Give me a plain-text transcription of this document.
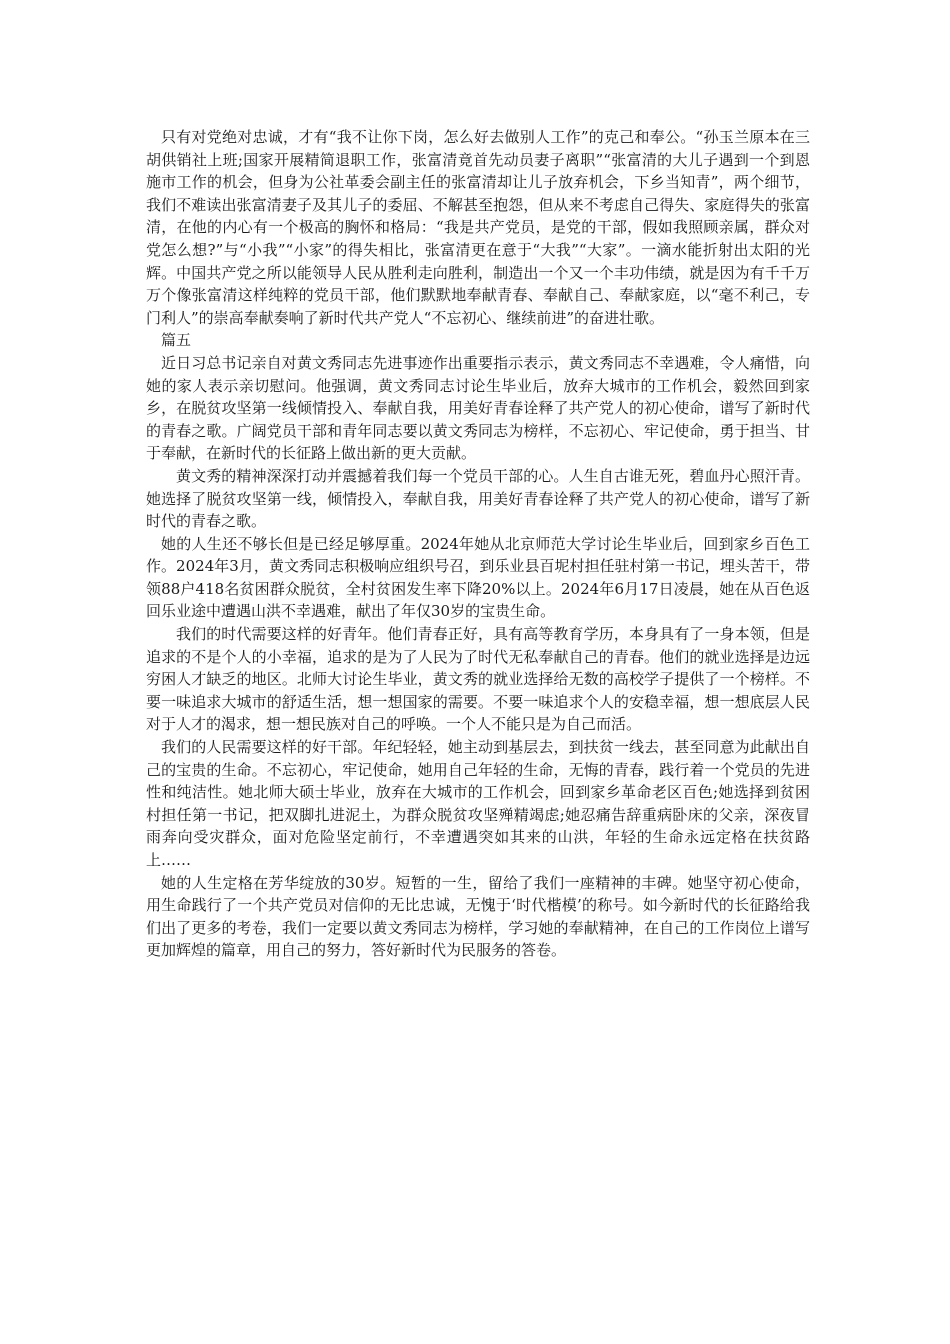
只有对党绝对忠诚，才有“我不让你下岗，怎么好去做别人工作”的克己和奉公。“孙玉兰原本在三胡供销社上班;国家开展精简退职工作，张富清竟首先动员妻子离职”“张富清的大儿子遇到一个到恩施市工作的机会，但身为公社革委会副主任的张富清却让儿子放弃机会，下乡当知青”，两个细节，我们不难读出张富清妻子及其儿子的委屈、不解甚至抱怨，但从来不考虑自己得失、家庭得失的张富清，在他的内心有一个极高的胸怀和格局：“我是共产党员，是党的干部，假如我照顾亲属，群众对党怎么想?”与“小我”“小家”的得失相比，张富清更在意于“大我”“大家”。一滴水能折射出太阳的光辉。中国共产党之所以能领导人民从胜利走向胜利，制造出一个又一个丰功伟绩，就是因为有千千万万个像张富清这样纯粹的党员干部，他们默默地奉献青春、奉献自己、奉献家庭，以“毫不利己，专门利人”的崇高奉献奏响了新时代共产党人“不忘初心、继续前进”的奋进壮歌。

篇五

近日习总书记亲自对黄文秀同志先进事迹作出重要指示表示，黄文秀同志不幸遇难，令人痛惜，向她的家人表示亲切慰问。他强调，黄文秀同志讨论生毕业后，放弃大城市的工作机会，毅然回到家乡，在脱贫攻坚第一线倾情投入、奉献自我，用美好青春诠释了共产党人的初心使命，谱写了新时代的青春之歌。广阔党员干部和青年同志要以黄文秀同志为榜样，不忘初心、牢记使命，勇于担当、甘于奉献，在新时代的长征路上做出新的更大贡献。

黄文秀的精神深深打动并震撼着我们每一个党员干部的心。人生自古谁无死，碧血丹心照汗青。她选择了脱贫攻坚第一线，倾情投入，奉献自我，用美好青春诠释了共产党人的初心使命，谱写了新时代的青春之歌。

她的人生还不够长但是已经足够厚重。2024年她从北京师范大学讨论生毕业后，回到家乡百色工作。2024年3月，黄文秀同志积极响应组织号召，到乐业县百坭村担任驻村第一书记，埋头苦干，带领88户418名贫困群众脱贫，全村贫困发生率下降20%以上。2024年6月17日凌晨，她在从百色返回乐业途中遭遇山洪不幸遇难，献出了年仅30岁的宝贵生命。

我们的时代需要这样的好青年。他们青春正好，具有高等教育学历，本身具有了一身本领，但是追求的不是个人的小幸福，追求的是为了人民为了时代无私奉献自己的青春。他们的就业选择是边远穷困人才缺乏的地区。北师大讨论生毕业，黄文秀的就业选择给无数的高校学子提供了一个榜样。不要一味追求大城市的舒适生活，想一想国家的需要。不要一味追求个人的安稳幸福，想一想底层人民对于人才的渴求，想一想民族对自己的呼唤。一个人不能只是为自己而活。

我们的人民需要这样的好干部。年纪轻轻，她主动到基层去，到扶贫一线去，甚至同意为此献出自己的宝贵的生命。不忘初心，牢记使命，她用自己年轻的生命，无悔的青春，践行着一个党员的先进性和纯洁性。她北师大硕士毕业，放弃在大城市的工作机会，回到家乡革命老区百色;她选择到贫困村担任第一书记，把双脚扎进泥土，为群众脱贫攻坚殚精竭虑;她忍痛告辞重病卧床的父亲，深夜冒雨奔向受灾群众，面对危险坚定前行，不幸遭遇突如其来的山洪，年轻的生命永远定格在扶贫路上……

她的人生定格在芳华绽放的30岁。短暂的一生，留给了我们一座精神的丰碑。她坚守初心使命，用生命践行了一个共产党员对信仰的无比忠诚，无愧于‘时代楷模’的称号。如今新时代的长征路给我们出了更多的考卷，我们一定要以黄文秀同志为榜样，学习她的奉献精神，在自己的工作岗位上谱写更加辉煌的篇章，用自己的努力，答好新时代为民服务的答卷。
